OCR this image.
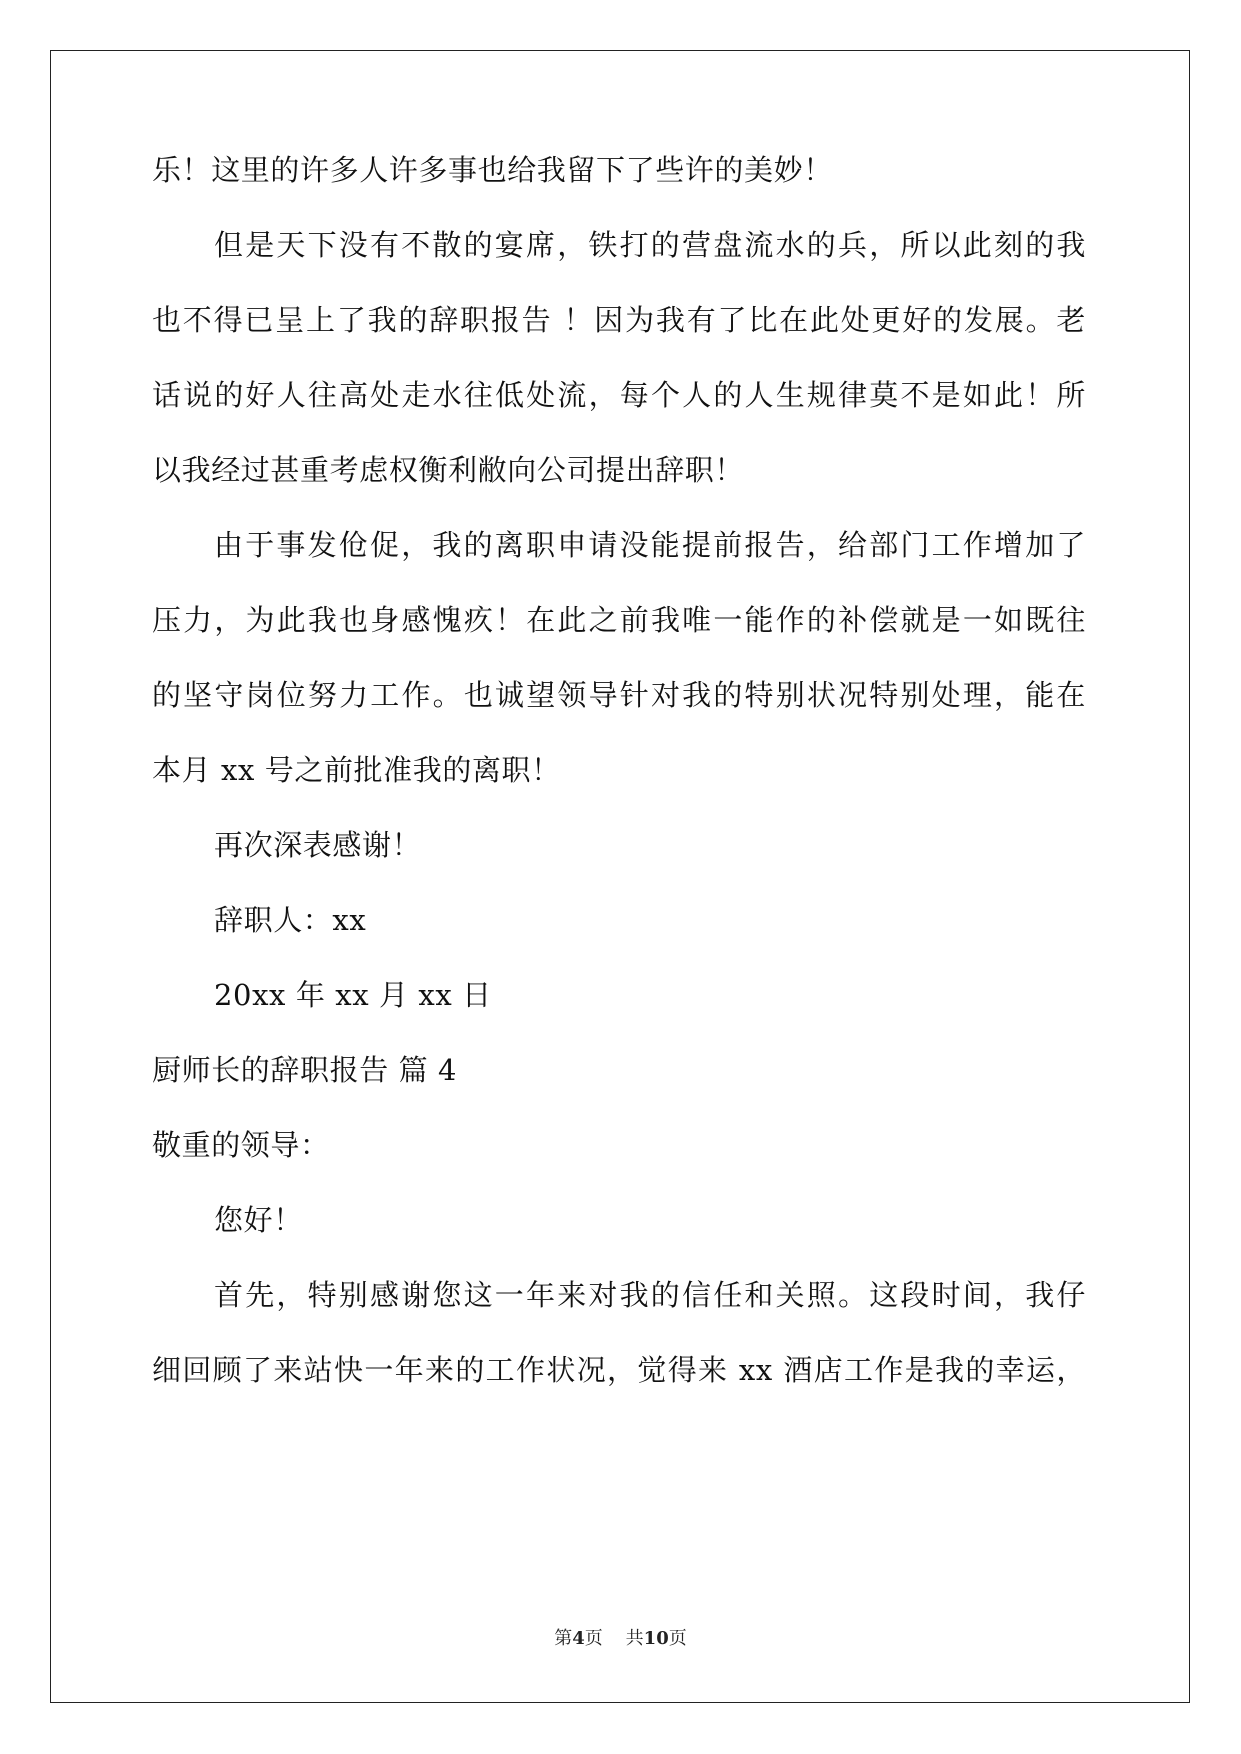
乐！这里的许多人许多事也给我留下了些许的美妙！
但是天下没有不散的宴席，铁打的营盘流水的兵，所以此刻的我
也不得已呈上了我的辞职报告 ！因为我有了比在此处更好的发展。老
话说的好人往高处走水往低处流，每个人的人生规律莫不是如此！所
以我经过甚重考虑权衡利敝向公司提出辞职！
由于事发伧促，我的离职申请没能提前报告，给部门工作增加了
压力，为此我也身感愧疚！在此之前我唯一能作的补偿就是一如既往
的坚守岗位努力工作。也诚望领导针对我的特别状况特别处理，能在
本月 xx 号之前批准我的离职！
再次深表感谢！
辞职人：xx
20xx 年 xx 月 xx 日
厨师长的辞职报告 篇 4
敬重的领导：
您好！
首先，特别感谢您这一年来对我的信任和关照。这段时间，我仔
细回顾了来站快一年来的工作状况，觉得来 xx 酒店工作是我的幸运，
第4页 共10页
